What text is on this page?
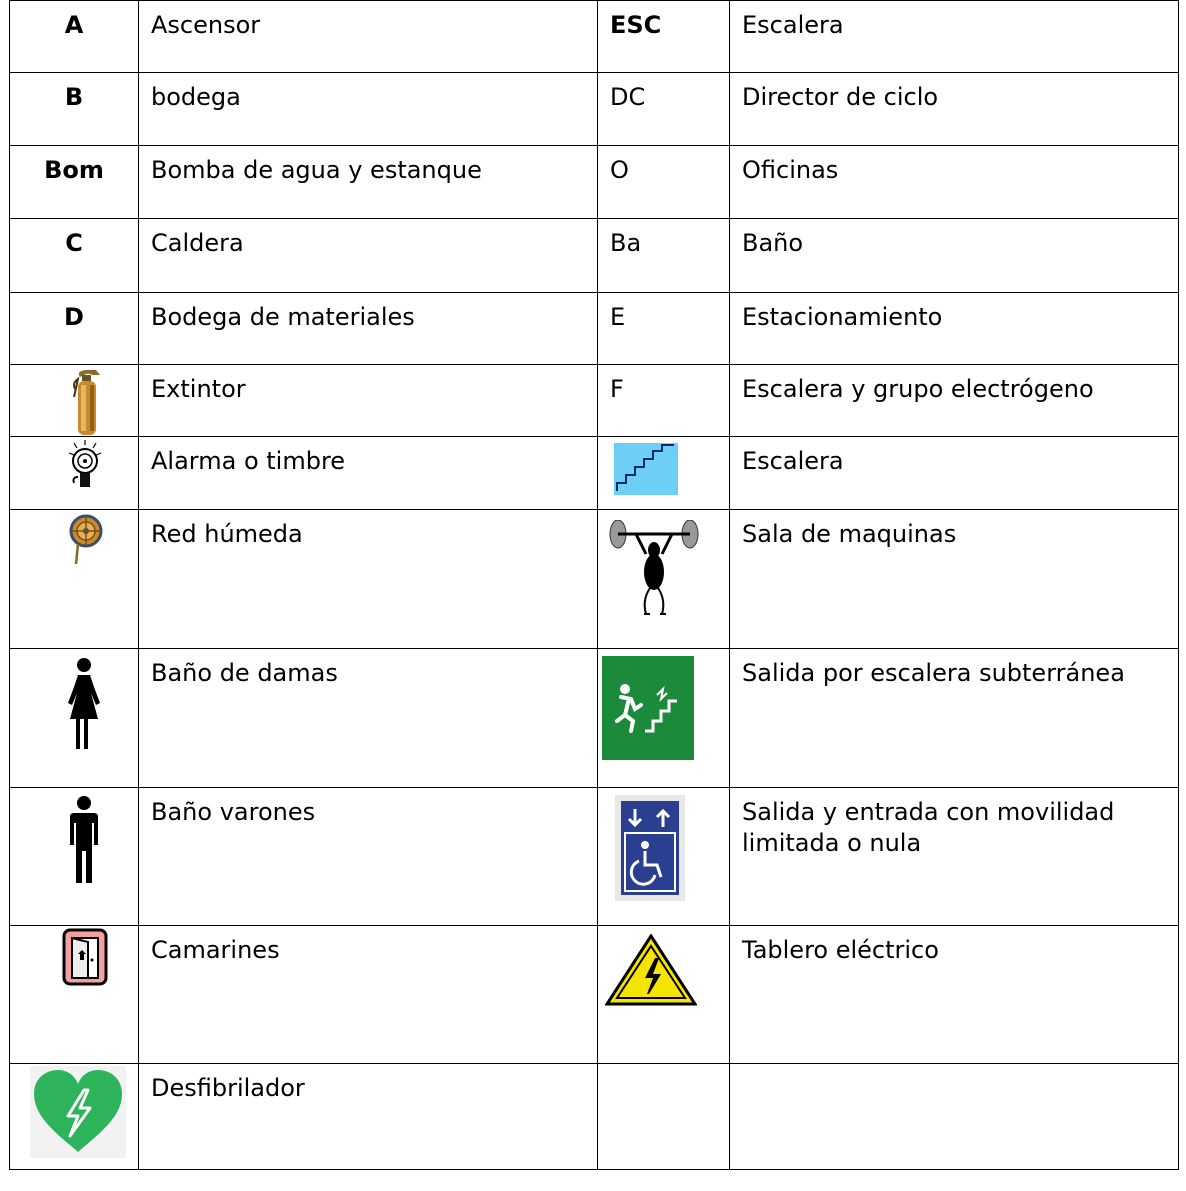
A	Ascensor	ESC	Escalera
B	bodega	DC	Director de ciclo
Bom	Bomba de agua y estanque	O	Oficinas
C	Caldera	Ba	Baño
D	Bodega de materiales	E	Estacionamiento

	Extintor	F	Escalera y grupo electrógeno

	Alarma o timbre		Escalera

	Red húmeda		Sala de maquinas

	Baño de damas		Salida por escalera subterránea

	Baño varones		Salida y entrada con movilidad limitada o nula

	Camarines		Tablero eléctrico

	Desfibrilador		
